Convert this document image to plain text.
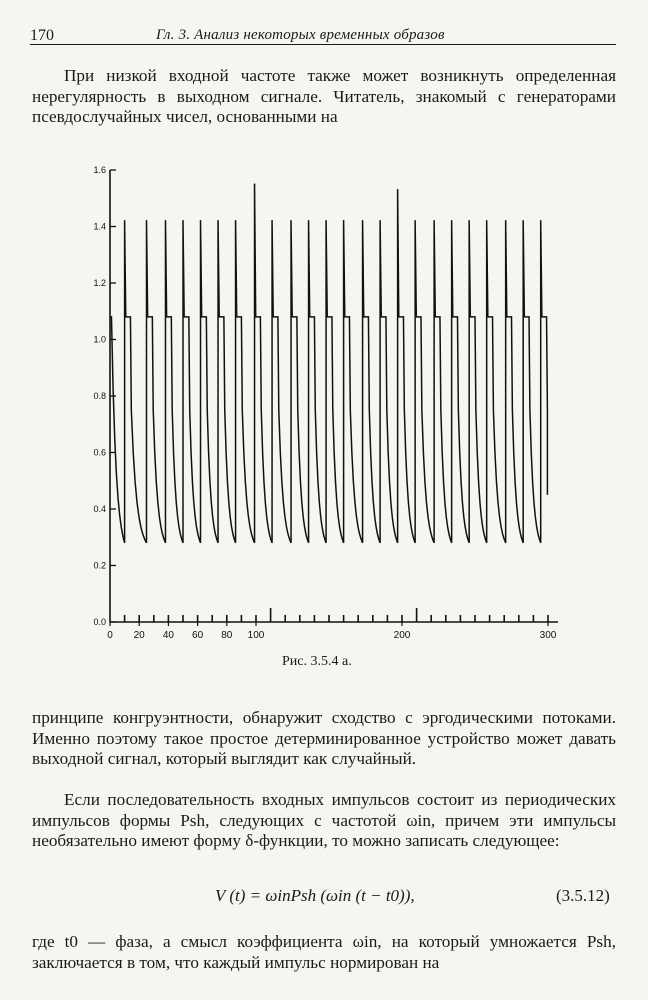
170	Гл. 3. Анализ некоторых временных образов

При низкой входной частоте также может возникнуть определенная нерегулярность в выходном сигнале. Читатель, знакомый с генераторами псевдослучайных чисел, основанными на

0.0
0.2
0.4
0.6
0.8
1.0
1.2
1.4
1.6
0 20 40 60 80 100	200	300
Рис. 3.5.4 а.

принципе конгруэнтности, обнаружит сходство с эргодическими потоками. Именно поэтому такое простое детерминированное устройство может давать выходной сигнал, который выглядит как случайный.

Если последовательность входных импульсов состоит из периодических импульсов формы Psh, следующих с частотой ωin, причем эти импульсы необязательно имеют форму δ-функции, то можно записать следующее:

V (t) = ωinPsh (ωin (t − t0)),	(3.5.12)

где t0 — фаза, а смысл коэффициента ωin, на который умножается Psh, заключается в том, что каждый импульс нормирован на
